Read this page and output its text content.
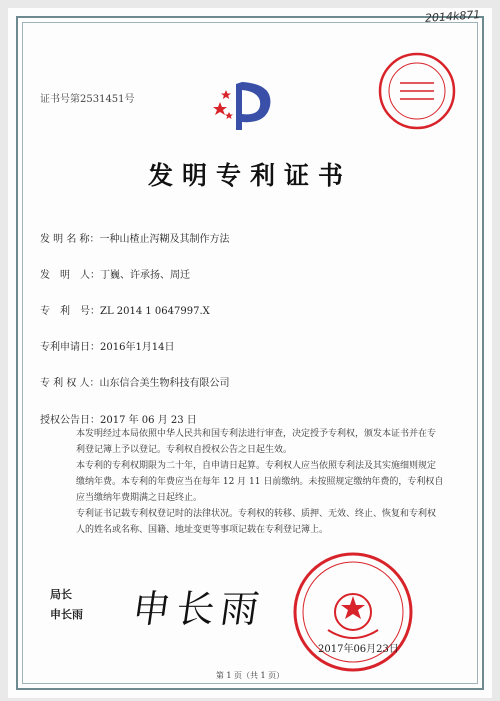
2014k871
证书号第2531451号
发明专利证书
发 明 名 称：一种山楂止泻糊及其制作方法
发　明　人：丁巍、许承扬、周迁
专　利　号：ZL 2014 1 0647997.X
专利申请日：2016年1月14日
专 利 权 人：山东信合美生物科技有限公司
授权公告日：2017 年 06 月 23 日
本发明经过本局依照中华人民共和国专利法进行审查，决定授予专利权，颁发本证书并在专利登记簿上予以登记。专利权自授权公告之日起生效。
本专利的专利权期限为二十年，自申请日起算。专利权人应当依照专利法及其实施细则规定缴纳年费。本专利的年费应当在每年 12 月 11 日前缴纳。未按照规定缴纳年费的，专利权自应当缴纳年费期满之日起终止。
专利证书记载专利权登记时的法律状况。专利权的转移、质押、无效、终止、恢复和专利权人的姓名或名称、国籍、地址变更等事项记载在专利登记簿上。
局长
申长雨 申长雨
2017年06月23日
第 1 页（共 1 页）
